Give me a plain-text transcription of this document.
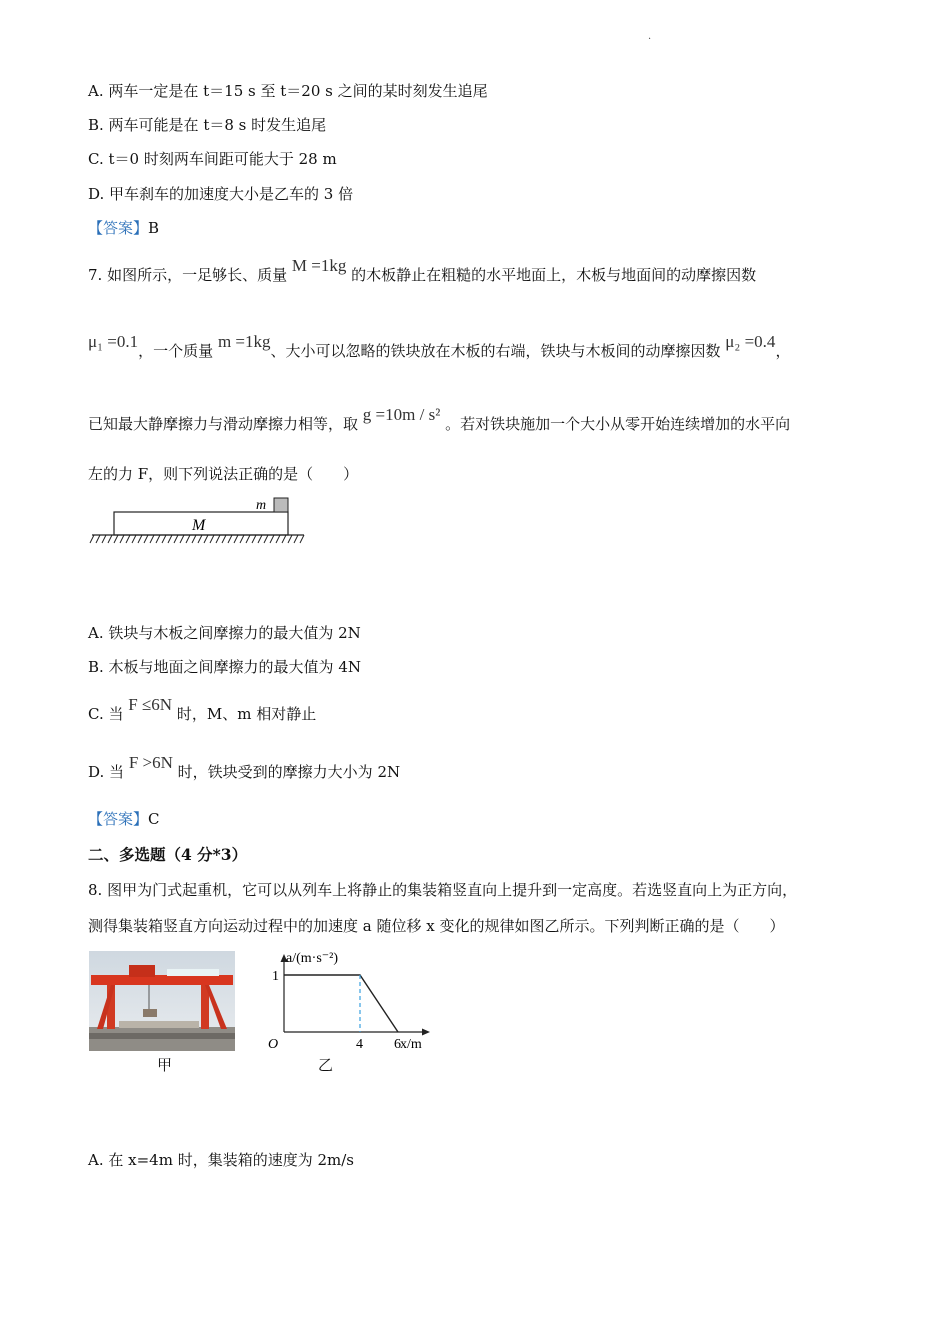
·
A. 两车一定是在 t＝15 s 至 t＝20 s 之间的某时刻发生追尾
B. 两车可能是在 t＝8 s 时发生追尾
C. t＝0 时刻两车间距可能大于 28 m
D. 甲车刹车的加速度大小是乙车的 3 倍
【答案】B
7. 如图所示，一足够长、质量 M =1kg 的木板静止在粗糙的水平地面上，木板与地面间的动摩擦因数
μ₁ =0.1，一个质量 m =1kg、大小可以忽略的铁块放在木板的右端，铁块与木板间的动摩擦因数 μ₂ =0.4，
已知最大静摩擦力与滑动摩擦力相等，取 g =10m / s² 。若对铁块施加一个大小从零开始连续增加的水平向
左的力 F，则下列说法正确的是（　　）
M
m
A. 铁块与木板之间摩擦力的最大值为 2N
B. 木板与地面之间摩擦力的最大值为 4N
C. 当 F ≤6N 时，M、m 相对静止
D. 当 F >6N 时，铁块受到的摩擦力大小为 2N
【答案】C
二、多选题（4 分*3）
8. 图甲为门式起重机，它可以从列车上将静止的集装箱竖直向上提升到一定高度。若选竖直向上为正方向，
测得集装箱竖直方向运动过程中的加速度 a 随位移 x 变化的规律如图乙所示。下列判断正确的是（　　）
甲
a/(m·s⁻²)
O	x/m
4 6
1
乙
A. 在 x=4m 时，集装箱的速度为 2m/s
